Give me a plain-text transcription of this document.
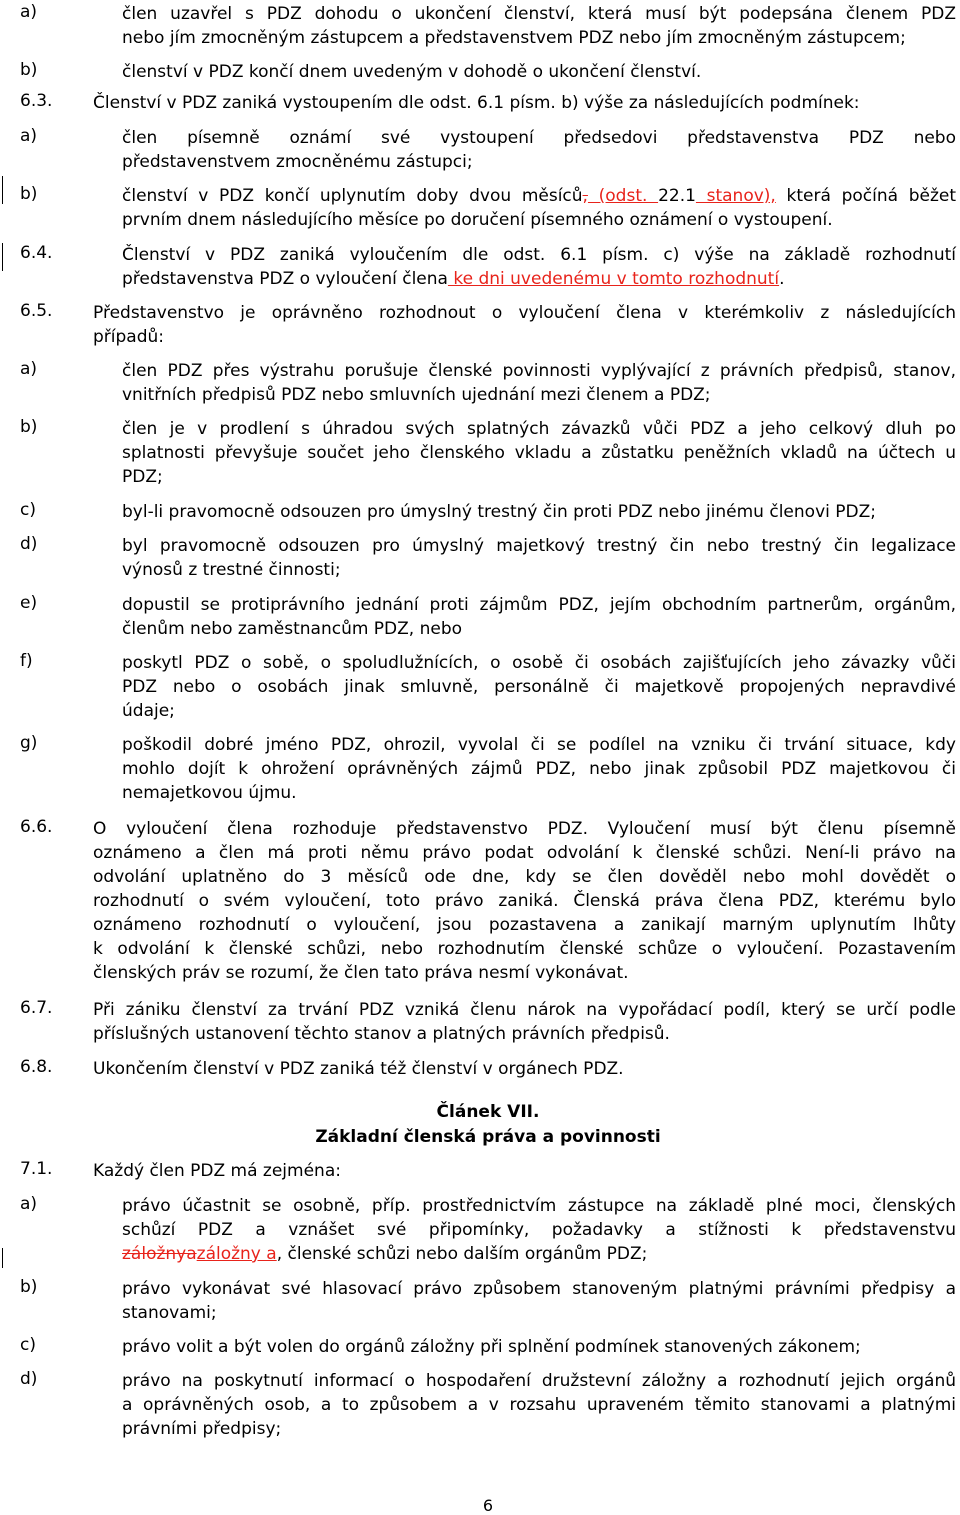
a)	člen uzavřel s PDZ dohodu o ukončení členství, která musí být podepsána členem PDZ
nebo jím zmocněným zástupcem a představenstvem PDZ nebo jím zmocněným zástupcem;
b)	členství v PDZ končí dnem uvedeným v dohodě o ukončení členství.
6.3. Členství v PDZ zaniká vystoupením dle odst. 6.1 písm. b) výše za následujících podmínek:
a)	člen písemně oznámí své vystoupení předsedovi představenstva PDZ nebo
představenstvem zmocněnému zástupci;
b)	členství v PDZ končí uplynutím doby dvou měsíců, (odst. 22.1 stanov), která počíná běžet
prvním dnem následujícího měsíce po doručení písemného oznámení o vystoupení.
6.4.	Členství v PDZ zaniká vyloučením dle odst. 6.1 písm. c) výše na základě rozhodnutí
představenstva PDZ o vyloučení člena ke dni uvedenému v tomto rozhodnutí.
6.5. Představenstvo je oprávněno rozhodnout o vyloučení člena v kterémkoliv z následujících
případů:
a)	člen PDZ přes výstrahu porušuje členské povinnosti vyplývající z právních předpisů, stanov,
vnitřních předpisů PDZ nebo smluvních ujednání mezi členem a PDZ;
b)	člen je v prodlení s úhradou svých splatných závazků vůči PDZ a jeho celkový dluh po
splatnosti převyšuje součet jeho členského vkladu a zůstatku peněžních vkladů na účtech u
PDZ;
c)	byl-li pravomocně odsouzen pro úmyslný trestný čin proti PDZ nebo jinému členovi PDZ;
d)	byl pravomocně odsouzen pro úmyslný majetkový trestný čin nebo trestný čin legalizace
výnosů z trestné činnosti;
e)	dopustil se protiprávního jednání proti zájmům PDZ, jejím obchodním partnerům, orgánům,
členům nebo zaměstnancům PDZ, nebo
f)	poskytl PDZ o sobě, o spoludlužnících, o osobě či osobách zajišťujících jeho závazky vůči
PDZ nebo o osobách jinak smluvně, personálně či majetkově propojených nepravdivé
údaje;
g)	poškodil dobré jméno PDZ, ohrozil, vyvolal či se podílel na vzniku či trvání situace, kdy
mohlo dojít k ohrožení oprávněných zájmů PDZ, nebo jinak způsobil PDZ majetkovou či
nemajetkovou újmu.
6.6. O vyloučení člena rozhoduje představenstvo PDZ. Vyloučení musí být členu písemně
oznámeno a člen má proti němu právo podat odvolání k členské schůzi. Není-li právo na
odvolání uplatněno do 3 měsíců ode dne, kdy se člen dověděl nebo mohl dovědět o
rozhodnutí o svém vyloučení, toto právo zaniká. Členská práva člena PDZ, kterému bylo
oznámeno rozhodnutí o vyloučení, jsou pozastavena a zanikají marným uplynutím lhůty
k odvolání k členské schůzi, nebo rozhodnutím členské schůze o vyloučení. Pozastavením
členských práv se rozumí, že člen tato práva nesmí vykonávat.
6.7. Při zániku členství za trvání PDZ vzniká členu nárok na vypořádací podíl, který se určí podle
příslušných ustanovení těchto stanov a platných právních předpisů.
6.8. Ukončením členství v PDZ zaniká též členství v orgánech PDZ.
Článek VII.
Základní členská práva a povinnosti
7.1. Každý člen PDZ má zejména:
a)	právo účastnit se osobně, příp. prostřednictvím zástupce na základě plné moci, členských
schůzí PDZ a vznášet své připomínky, požadavky a stížnosti k představenstvu
záložnyazáložny a, členské schůzi nebo dalším orgánům PDZ;
b)	právo vykonávat své hlasovací právo způsobem stanoveným platnými právními předpisy a
stanovami;
c)	právo volit a být volen do orgánů záložny při splnění podmínek stanovených zákonem;
d)	právo na poskytnutí informací o hospodaření družstevní záložny a rozhodnutí jejich orgánů
a oprávněných osob, a to způsobem a v rozsahu upraveném těmito stanovami a platnými
právními předpisy;
6
